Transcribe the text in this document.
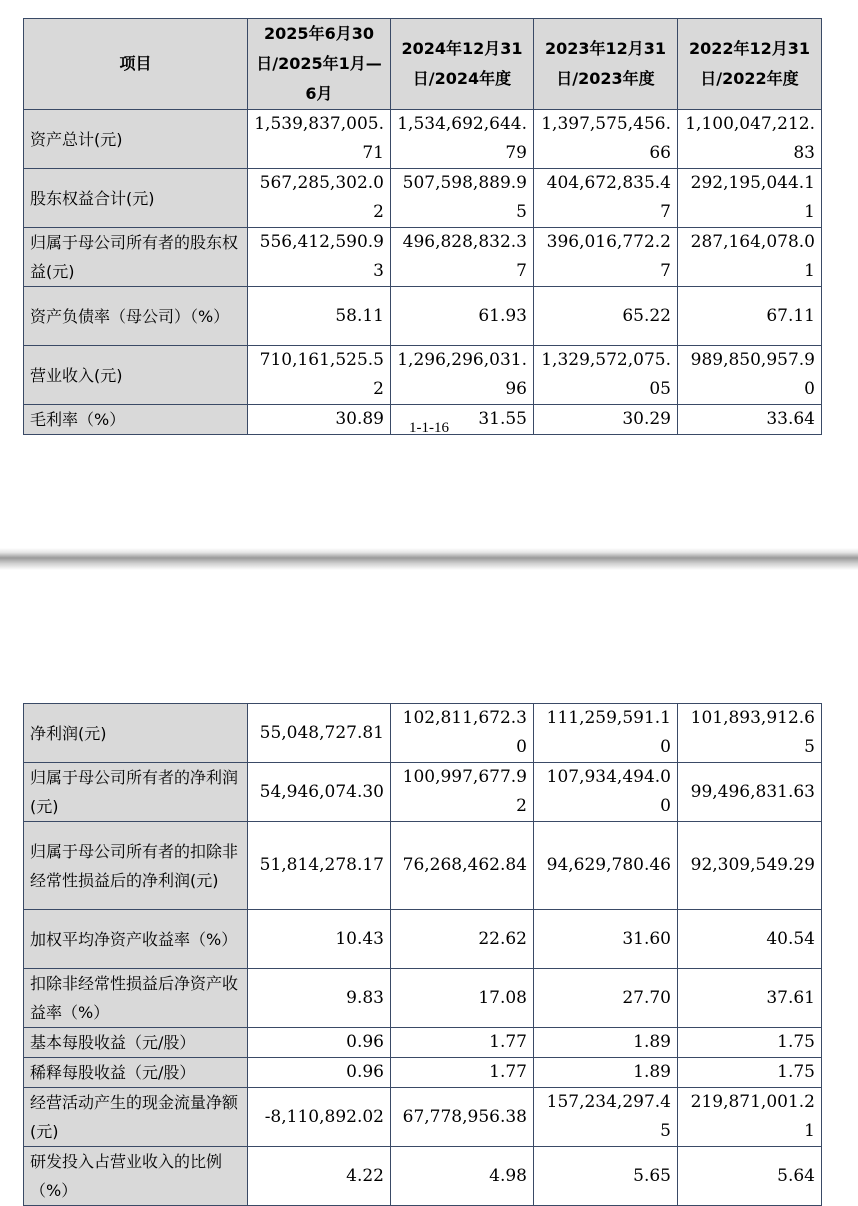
项目	2025年6月30日/2025年1月—6月	2024年12月31日/2024年度	2023年12月31日/2023年度	2022年12月31日/2022年度
资产总计(元)	1,539,837,005.71	1,534,692,644.79	1,397,575,456.66	1,100,047,212.83
股东权益合计(元)	567,285,302.02	507,598,889.95	404,672,835.47	292,195,044.11
归属于母公司所有者的股东权益(元)	556,412,590.93	496,828,832.37	396,016,772.27	287,164,078.01
资产负债率（母公司）（%）	58.11	61.93	65.22	67.11
营业收入(元)	710,161,525.52	1,296,296,031.96	1,329,572,075.05	989,850,957.90
毛利率（%）	30.89	31.55	30.29	33.64
1-1-16
净利润(元)	55,048,727.81	102,811,672.30	111,259,591.10	101,893,912.65
归属于母公司所有者的净利润(元)	54,946,074.30	100,997,677.92	107,934,494.00	99,496,831.63
归属于母公司所有者的扣除非经常性损益后的净利润(元)	51,814,278.17	76,268,462.84	94,629,780.46	92,309,549.29
加权平均净资产收益率（%）	10.43	22.62	31.60	40.54
扣除非经常性损益后净资产收益率（%）	9.83	17.08	27.70	37.61
基本每股收益（元/股）	0.96	1.77	1.89	1.75
稀释每股收益（元/股）	0.96	1.77	1.89	1.75
经营活动产生的现金流量净额(元)	-8,110,892.02	67,778,956.38	157,234,297.45	219,871,001.21
研发投入占营业收入的比例（%）	4.22	4.98	5.65	5.64
